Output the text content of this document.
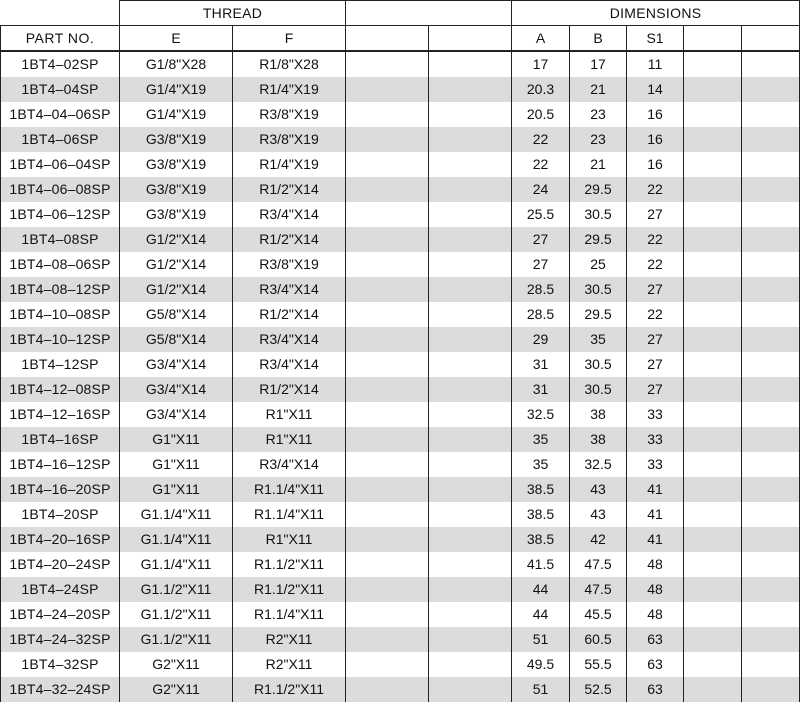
	THREAD				DIMENSIONS				
PART NO.	E	F			A	B	S1		
1BT4–02SP	G1/8"X28	R1/8"X28			17	17	11		
1BT4–04SP	G1/4"X19	R1/4"X19			20.3	21	14		
1BT4–04–06SP	G1/4"X19	R3/8"X19			20.5	23	16		
1BT4–06SP	G3/8"X19	R3/8"X19			22	23	16		
1BT4–06–04SP	G3/8"X19	R1/4"X19			22	21	16		
1BT4–06–08SP	G3/8"X19	R1/2"X14			24	29.5	22		
1BT4–06–12SP	G3/8"X19	R3/4"X14			25.5	30.5	27		
1BT4–08SP	G1/2"X14	R1/2"X14			27	29.5	22		
1BT4–08–06SP	G1/2"X14	R3/8"X19			27	25	22		
1BT4–08–12SP	G1/2"X14	R3/4"X14			28.5	30.5	27		
1BT4–10–08SP	G5/8"X14	R1/2"X14			28.5	29.5	22		
1BT4–10–12SP	G5/8"X14	R3/4"X14			29	35	27		
1BT4–12SP	G3/4"X14	R3/4"X14			31	30.5	27		
1BT4–12–08SP	G3/4"X14	R1/2"X14			31	30.5	27		
1BT4–12–16SP	G3/4"X14	R1"X11			32.5	38	33		
1BT4–16SP	G1"X11	R1"X11			35	38	33		
1BT4–16–12SP	G1"X11	R3/4"X14			35	32.5	33		
1BT4–16–20SP	G1"X11	R1.1/4"X11			38.5	43	41		
1BT4–20SP	G1.1/4"X11	R1.1/4"X11			38.5	43	41		
1BT4–20–16SP	G1.1/4"X11	R1"X11			38.5	42	41		
1BT4–20–24SP	G1.1/4"X11	R1.1/2"X11			41.5	47.5	48		
1BT4–24SP	G1.1/2"X11	R1.1/2"X11			44	47.5	48		
1BT4–24–20SP	G1.1/2"X11	R1.1/4"X11			44	45.5	48		
1BT4–24–32SP	G1.1/2"X11	R2"X11			51	60.5	63		
1BT4–32SP	G2"X11	R2"X11			49.5	55.5	63		
1BT4–32–24SP	G2"X11	R1.1/2"X11			51	52.5	63		
